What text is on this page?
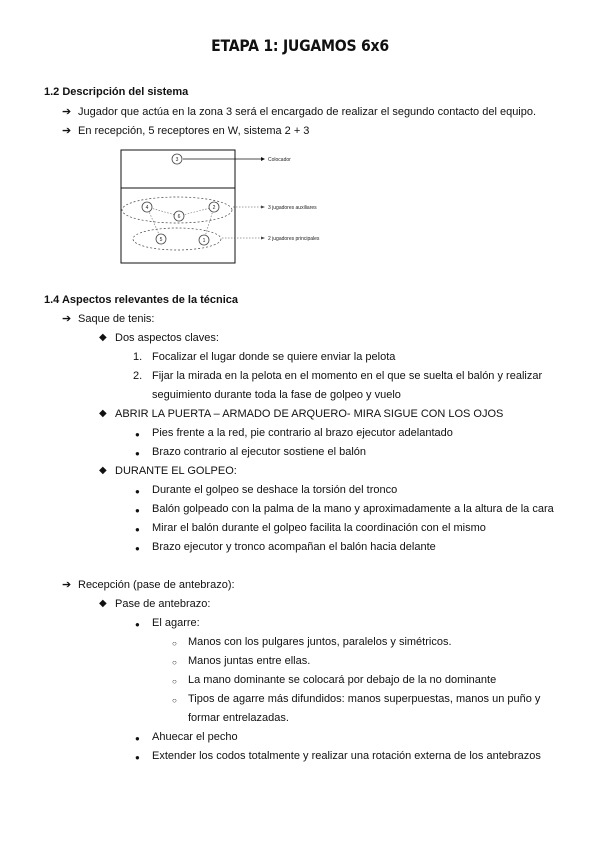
ETAPA 1: JUGAMOS 6x6
1.2 Descripción del sistema
➔ Jugador que actúa en la zona 3 será el encargado de realizar el segundo contacto del equipo.
➔ En recepción, 5 receptores en W, sistema 2 + 3
3	Colocador
4
6
2
5	1
3 jugadores auxiliares
2 jugadores principales
1.4 Aspectos relevantes de la técnica
➔ Saque de tenis:
◆ Dos aspectos claves:
1. Focalizar el lugar donde se quiere enviar la pelota
2. Fijar la mirada en la pelota en el momento en el que se suelta el balón y realizar
seguimiento durante toda la fase de golpeo y vuelo
◆ ABRIR LA PUERTA – ARMADO DE ARQUERO- MIRA SIGUE CON LOS OJOS
● Pies frente a la red, pie contrario al brazo ejecutor adelantado
● Brazo contrario al ejecutor sostiene el balón
◆ DURANTE EL GOLPEO:
● Durante el golpeo se deshace la torsión del tronco
● Balón golpeado con la palma de la mano y aproximadamente a la altura de la cara
● Mirar el balón durante el golpeo facilita la coordinación con el mismo
● Brazo ejecutor y tronco acompañan el balón hacia delante
➔ Recepción (pase de antebrazo):
◆ Pase de antebrazo:
● El agarre:
○ Manos con los pulgares juntos, paralelos y simétricos.
○ Manos juntas entre ellas.
○ La mano dominante se colocará por debajo de la no dominante
○ Tipos de agarre más difundidos: manos superpuestas, manos un puño y
formar entrelazadas.
● Ahuecar el pecho
● Extender los codos totalmente y realizar una rotación externa de los antebrazos
